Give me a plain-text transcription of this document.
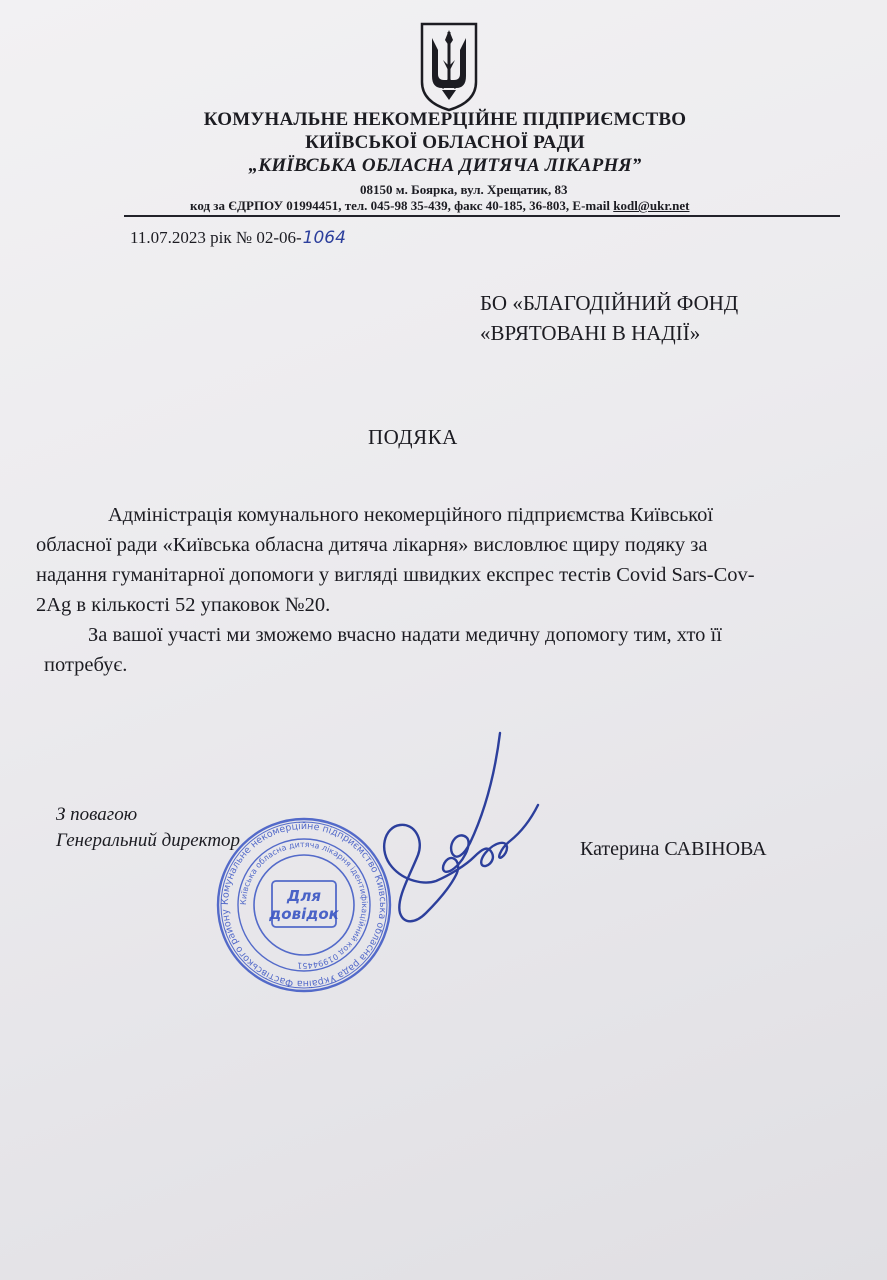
КОМУНАЛЬНЕ НЕКОМЕРЦІЙНЕ ПІДПРИЄМСТВО
КИЇВСЬКОЇ ОБЛАСНОЇ РАДИ
„КИЇВСЬКА ОБЛАСНА ДИТЯЧА ЛІКАРНЯ”
08150 м. Боярка, вул. Хрещатик, 83
код за ЄДРПОУ 01994451, тел. 045-98 35-439, факс 40-185, 36-803, E-mail kodl@ukr.net
11.07.2023 рік № 02-06-1064
БО «БЛАГОДІЙНИЙ ФОНД
«ВРЯТОВАНІ В НАДІЇ»
ПОДЯКА
Адміністрація комунального некомерційного підприємства Київської
обласної ради «Київська обласна дитяча лікарня» висловлює щиру подяку за
надання гуманітарної допомоги у вигляді швидких експрес тестів Covid Sars-Cov-
2Ag в кількості 52 упаковок №20.
За вашої участі ми зможемо вчасно надати медичну допомогу тим, хто її
потребує.
З повагою
Генеральний директор	Катерина САВІНОВА
Комунальне некомерційне підприємство Київська обласна рада Україна Фастівського району
Київська обласна дитяча лікарня ідентифікаційний код 01994451
Для
довідок
